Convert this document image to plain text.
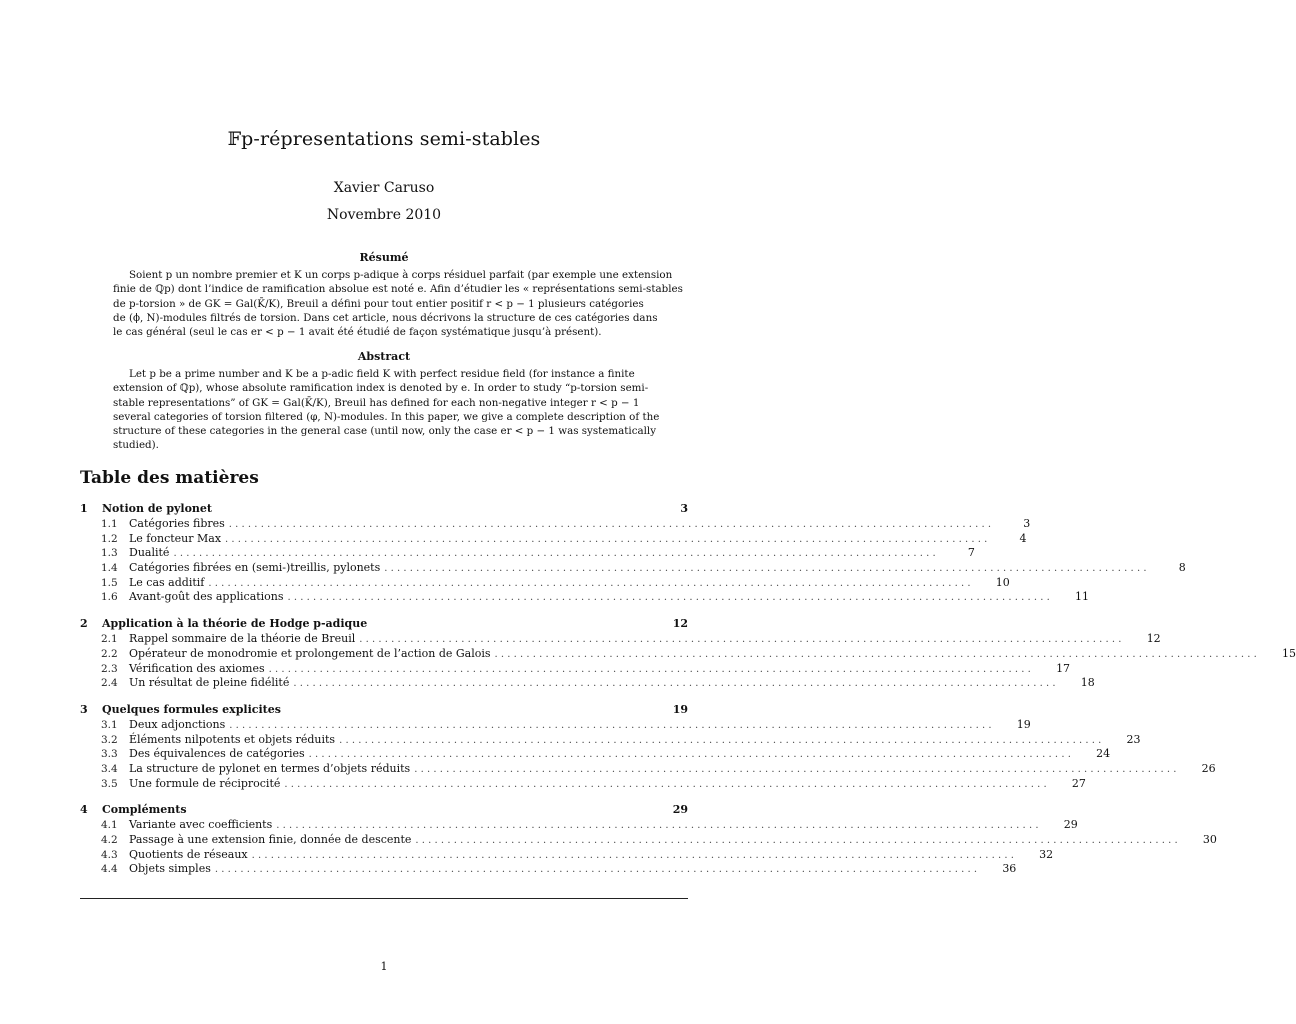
𝔽p-répresentations semi-stables
Xavier Caruso
Novembre 2010
Résumé
Soient p un nombre premier et K un corps p-adique à corps résiduel parfait (par exemple une extension
finie de ℚp) dont l’indice de ramification absolue est noté e. Afin d’étudier les « représentations semi-stables
de p-torsion » de GK = Gal(K̄/K), Breuil a défini pour tout entier positif r < p − 1 plusieurs catégories
de (ϕ, N)-modules filtrés de torsion. Dans cet article, nous décrivons la structure de ces catégories dans
le cas général (seul le cas er < p − 1 avait été étudié de façon systématique jusqu’à présent).
Abstract
Let p be a prime number and K be a p-adic field K with perfect residue field (for instance a finite
extension of ℚp), whose absolute ramification index is denoted by e. In order to study “p-torsion semi-
stable representations” of GK = Gal(K̄/K), Breuil has defined for each non-negative integer r < p − 1
several categories of torsion filtered (φ, N)-modules. In this paper, we give a complete description of the
structure of these categories in the general case (until now, only the case er < p − 1 was systematically
studied).
Table des matières
1 Notion de pylonet	3
1.1	Catégories fibres ........................................................................................................................	3
1.2	Le foncteur Max ........................................................................................................................	4
1.3	Dualité ........................................................................................................................	7
1.4	Catégories fibrées en (semi-)treillis, pylonets ........................................................................................................................	8
1.5	Le cas additif ........................................................................................................................	10
1.6	Avant-goût des applications ........................................................................................................................	11
2 Application à la théorie de Hodge p-adique	12
2.1	Rappel sommaire de la théorie de Breuil ........................................................................................................................	12
2.2	Opérateur de monodromie et prolongement de l’action de Galois ........................................................................................................................	15
2.3	Vérification des axiomes ........................................................................................................................	17
2.4	Un résultat de pleine fidélité ........................................................................................................................	18
3 Quelques formules explicites	19
3.1	Deux adjonctions ........................................................................................................................	19
3.2	Éléments nilpotents et objets réduits ........................................................................................................................	23
3.3	Des équivalences de catégories ........................................................................................................................	24
3.4	La structure de pylonet en termes d’objets réduits ........................................................................................................................	26
3.5	Une formule de réciprocité ........................................................................................................................	27
4 Compléments	29
4.1	Variante avec coefficients ........................................................................................................................	29
4.2	Passage à une extension finie, donnée de descente ........................................................................................................................	30
4.3	Quotients de réseaux ........................................................................................................................	32
4.4	Objets simples ........................................................................................................................	36
1
